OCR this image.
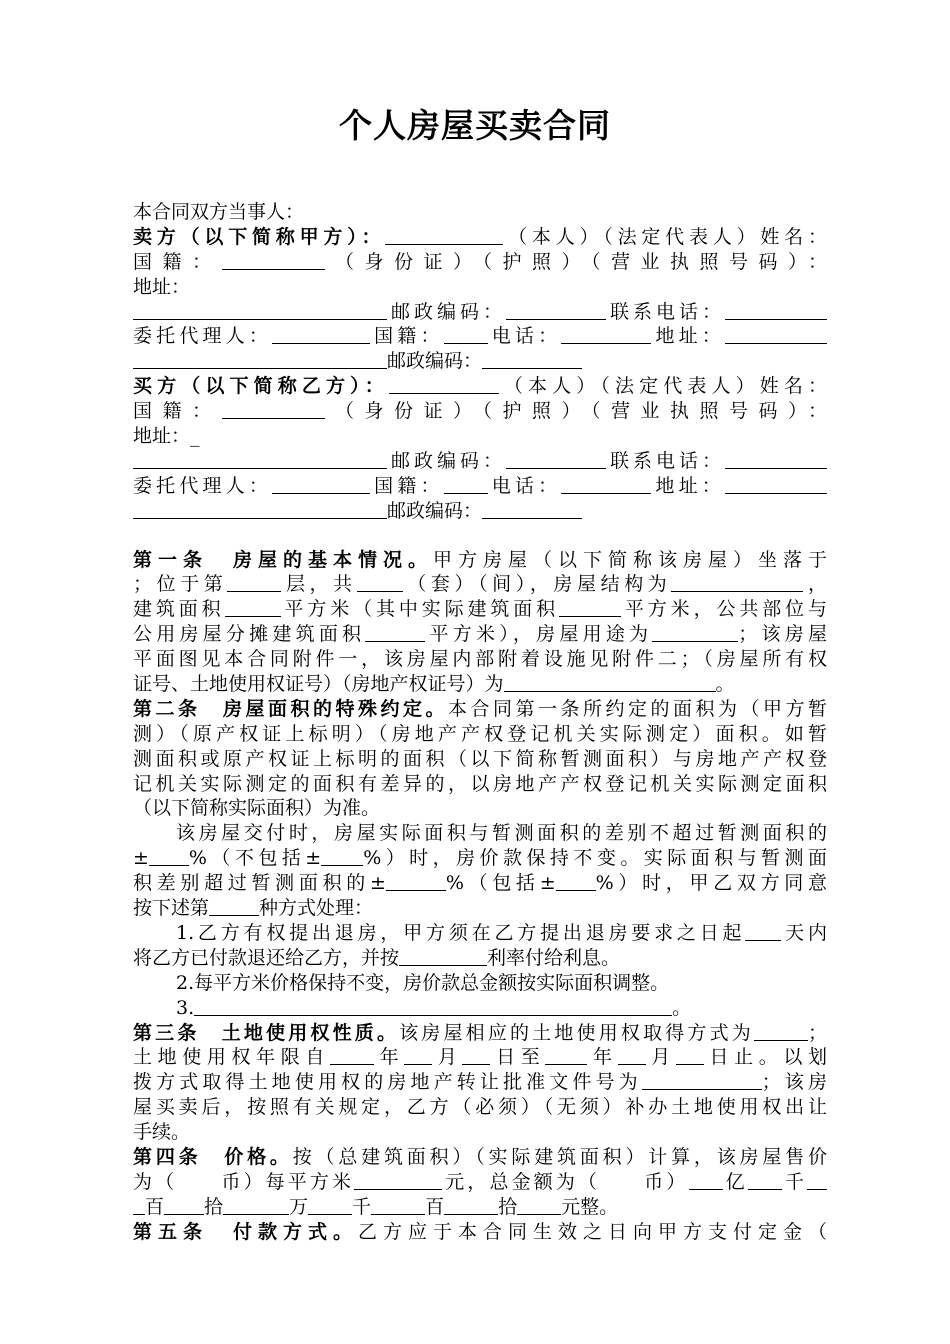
个人房屋买卖合同
本合同双方当事人：
卖方（以下简称甲方）：	（本人）（法定代表人）姓名：
国籍：	（身份证）（护照）（营业执照号码）：
地址：
邮政编码：	联系电话：
委托代理人：	国籍： 电话：	地址：
邮政编码：
买方（以下简称乙方）：	（本人）（法定代表人）姓名：
国籍：	（身份证）（护照）（营业执照号码）：
地址：_
邮政编码：	联系电话：
委托代理人：	国籍： 电话：	地址：
邮政编码：
第一条　房屋的基本情况。甲方房屋（以下简称该房屋）坐落于
；位于第	层，共 （套）（间），房屋结构为	，
建筑面积	平方米（其中实际建筑面积	平方米，公共部位与
公用房屋分摊建筑面积	平方米），房屋用途为	；该房屋
平面图见本合同附件一，该房屋内部附着设施见附件二；（房屋所有权
证号、土地使用权证号）（房地产权证号）为	。
第二条　房屋面积的特殊约定。本合同第一条所约定的面积为（甲方暂
测）（原产权证上标明）（房地产产权登记机关实际测定）面积。如暂
测面积或原产权证上标明的面积（以下简称暂测面积）与房地产产权登
记机关实际测定的面积有差异的，以房地产产权登记机关实际测定面积
（以下简称实际面积）为准。
该房屋交付时，房屋实际面积与暂测面积的差别不超过暂测面积的
± %（不包括± %）时，房价款保持不变。实际面积与暂测面
积差别超过暂测面积的±	%（包括± %）时，甲乙双方同意
按下述第	种方式处理：
1.乙方有权提出退房，甲方须在乙方提出退房要求之日起 天内
将乙方已付款退还给乙方，并按	利率付给利息。
2.每平方米价格保持不变，房价款总金额按实际面积调整。
3.	。
第三条　土地使用权性质。该房屋相应的土地使用权取得方式为	；
土地使用权年限自 年 月 日至 年 月 日止。以划
拨方式取得土地使用权的房地产转让批准文件号为	；该房
屋买卖后，按照有关规定，乙方（必须）（无须）补办土地使用权出让
手续。
第四条　价格。按（总建筑面积）（实际建筑面积）计算，该房屋售价
为（　　币）每平方米	元，总金额为（　　币） 亿 千
百 拾	万 千	百	拾 元整。
第五条　付款方式。乙方应于本合同生效之日向甲方支付定金（
